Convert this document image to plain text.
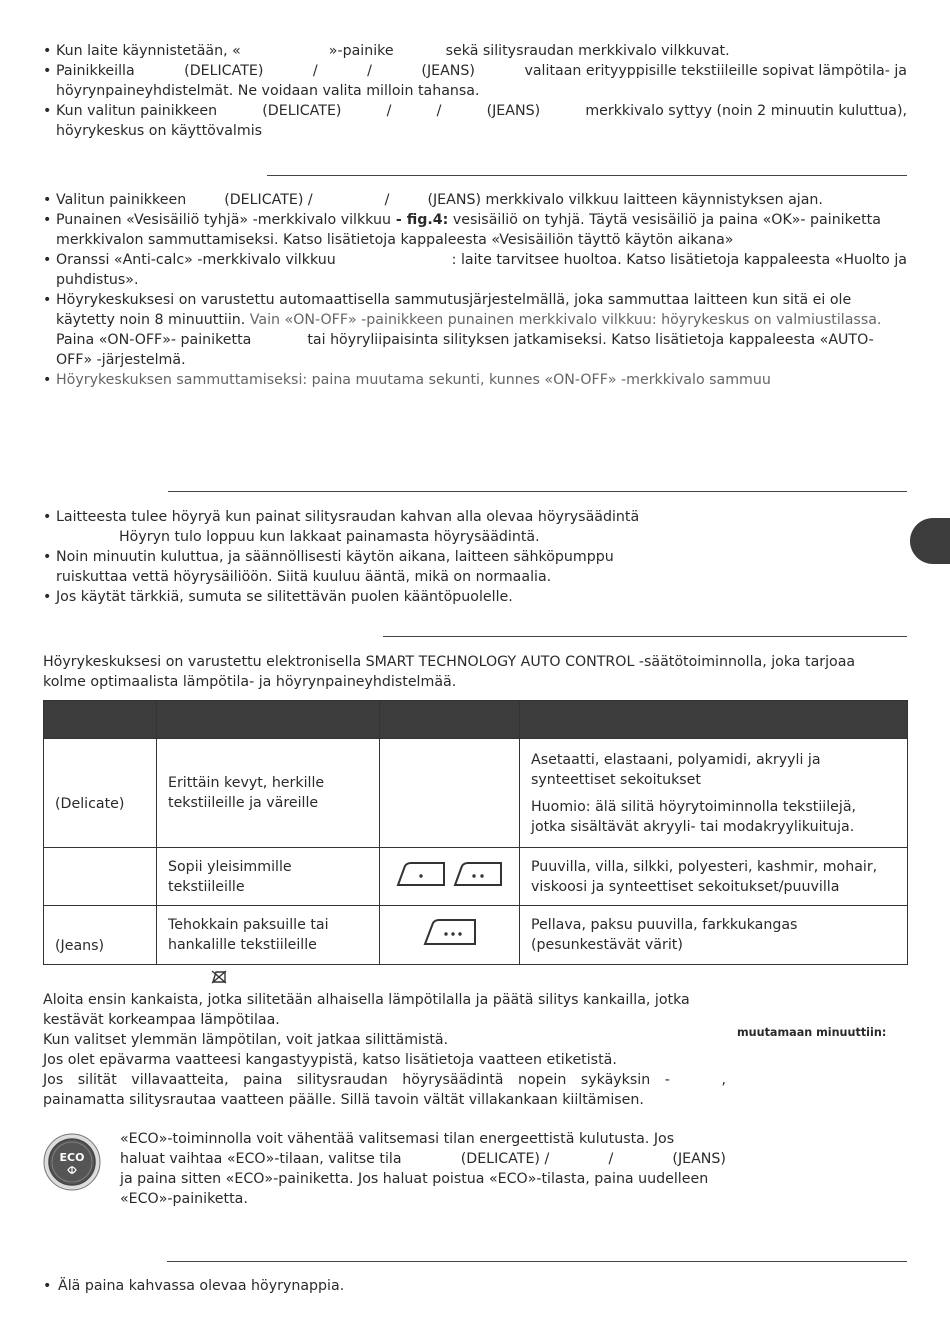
• Kun laite käynnistetään, «	»-painike	sekä silitysraudan merkkivalo vilkkuvat.
• Painikkeilla	(DELICATE)	/	/	(JEANS)	valitaan erityyppisille tekstiileille sopivat lämpötila- ja
höyrynpaineyhdistelmät. Ne voidaan valita milloin tahansa.
• Kun valitun painikkeen	(DELICATE)	/	/	(JEANS)	merkkivalo syttyy (noin 2 minuutin kuluttua),
höyrykeskus on käyttövalmis
• Valitun painikkeen	(DELICATE) /	/	(JEANS) merkkivalo vilkkuu laitteen käynnistyksen ajan.
• Punainen «Vesisäiliö tyhjä» -merkkivalo vilkkuu - fig.4: vesisäiliö on tyhjä. Täytä vesisäiliö ja paina «OK»- painiketta
merkkivalon sammuttamiseksi. Katso lisätietoja kappaleesta «Vesisäiliön täyttö käytön aikana»
• Oranssi «Anti-calc» -merkkivalo vilkkuu	: laite tarvitsee huoltoa. Katso lisätietoja kappaleesta «Huolto ja
puhdistus».
• Höyrykeskuksesi on varustettu automaattisella sammutusjärjestelmällä, joka sammuttaa laitteen kun sitä ei ole
käytetty noin 8 minuuttiin. Vain «ON-OFF» -painikkeen punainen merkkivalo vilkkuu: höyrykeskus on valmiustilassa.
Paina «ON-OFF»- painiketta	tai höyryliipaisinta silityksen jatkamiseksi. Katso lisätietoja kappaleesta «AUTO-
OFF» -järjestelmä.
• Höyrykeskuksen sammuttamiseksi: paina muutama sekunti, kunnes «ON-OFF» -merkkivalo sammuu
• Laitteesta tulee höyryä kun painat silitysraudan kahvan alla olevaa höyrysäädintä
Höyryn tulo loppuu kun lakkaat painamasta höyrysäädintä.
• Noin minuutin kuluttua, ja säännöllisesti käytön aikana, laitteen sähköpumppu
ruiskuttaa vettä höyrysäiliöön. Siitä kuuluu ääntä, mikä on normaalia.
• Jos käytät tärkkiä, sumuta se silitettävän puolen kääntöpuolelle.
Höyrykeskuksesi on varustettu elektronisella SMART TECHNOLOGY AUTO CONTROL -säätötoiminnolla, joka tarjoaa
kolme optimaalista lämpötila- ja höyrynpaineyhdistelmää.

(Delicate)	Erittäin kevyt, herkille
tekstiileille ja väreille		Asetaatti, elastaani, polyamidi, akryyli ja
synteettiset sekoitukset
Huomio: älä silitä höyrytoiminnolla tekstiilejä,
jotka sisältävät akryyli- tai modakryylikuituja.

	Sopii yleisimmille
tekstiileille		Puuvilla, villa, silkki, polyesteri, kashmir, mohair,
viskoosi ja synteettiset sekoitukset/puuvilla

(Jeans)	Tehokkain paksuille tai
hankalille tekstiileille		Pellava, paksu puuvilla, farkkukangas
(pesunkestävät värit)
Aloita ensin kankaista, jotka silitetään alhaisella lämpötilalla ja päätä silitys kankailla, jotka
kestävät korkeampaa lämpötilaa.
Kun valitset ylemmän lämpötilan, voit jatkaa silittämistä.
Jos olet epävarma vaatteesi kangastyypistä, katso lisätietoja vaatteen etiketistä.
Jos silität villavaatteita, paina silitysraudan höyrysäädintä nopein sykäyksin -	,
painamatta silitysrautaa vaatteen päälle. Sillä tavoin vältät villakankaan kiiltämisen.
muutamaan minuuttiin:
ECO
«ECO»-toiminnolla voit vähentää valitsemasi tilan energeettistä kulutusta. Jos
haluat vaihtaa «ECO»-tilaan, valitse tila	(DELICATE) /	/	(JEANS)
ja paina sitten «ECO»-painiketta. Jos haluat poistua «ECO»-tilasta, paina uudelleen
«ECO»-painiketta.
• Älä paina kahvassa olevaa höyrynappia.
